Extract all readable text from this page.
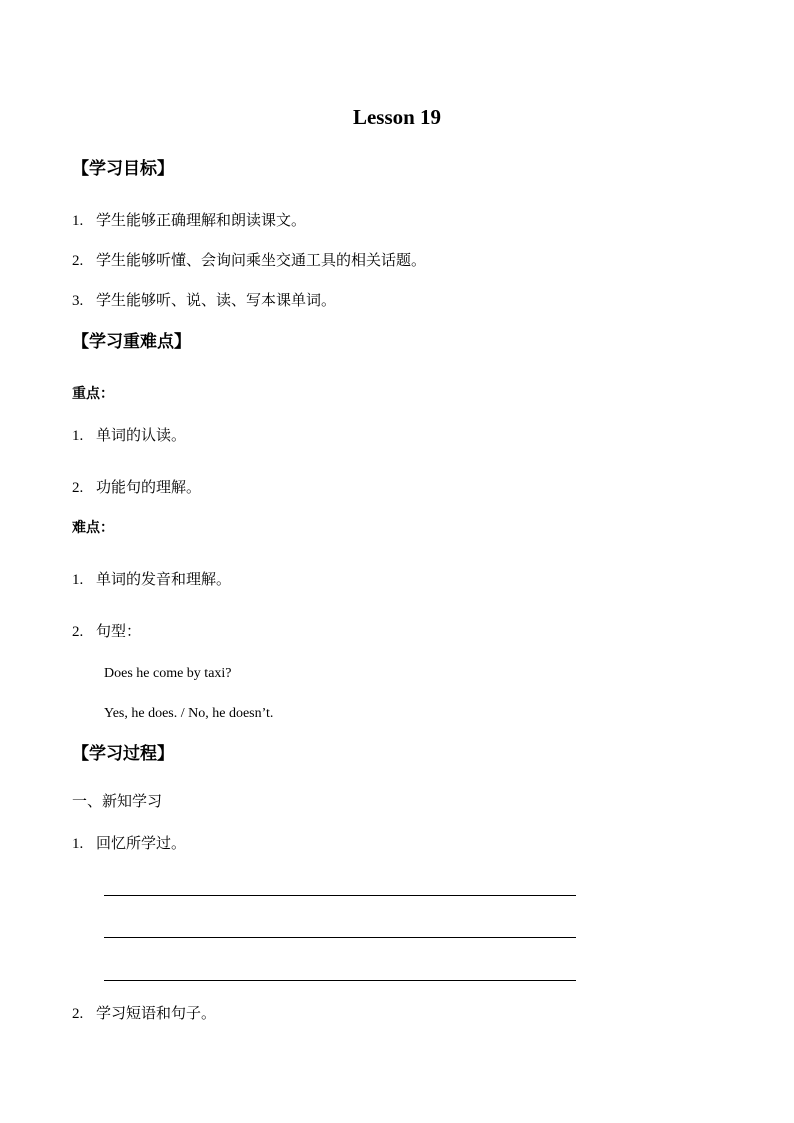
Lesson 19
【学习目标】
1. 学生能够正确理解和朗读课文。
2. 学生能够听懂、会询问乘坐交通工具的相关话题。
3. 学生能够听、说、读、写本课单词。
【学习重难点】
重点：
1. 单词的认读。
2. 功能句的理解。
难点：
1. 单词的发音和理解。
2. 句型：
Does he come by taxi?
Yes, he does. / No, he doesn’t.
【学习过程】
一、新知学习
1. 回忆所学过。
2. 学习短语和句子。
